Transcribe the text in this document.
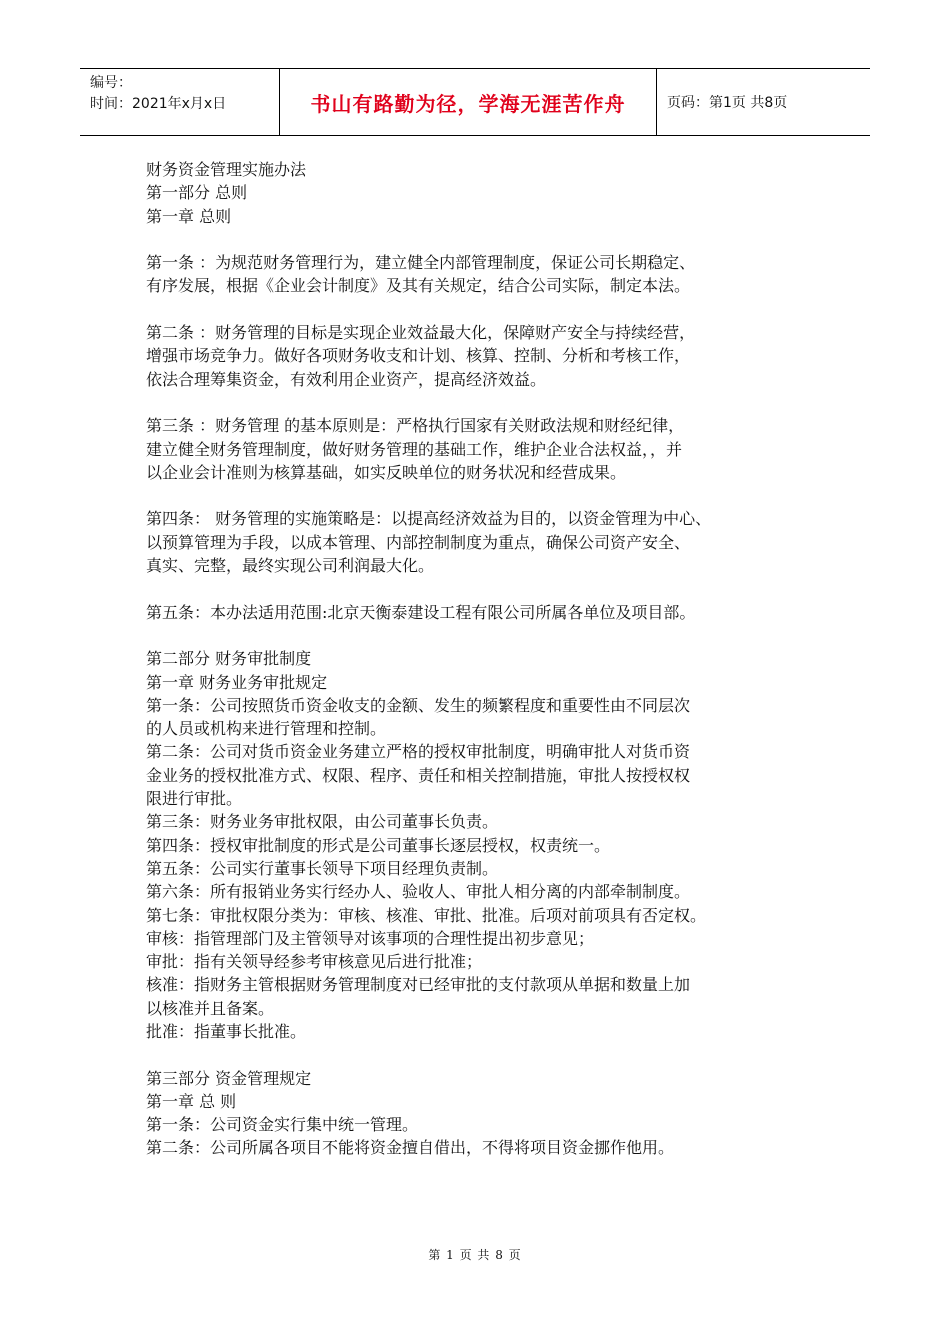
编号：
时间：2021年x月x日	书山有路勤为径，学海无涯苦作舟	页码：第1页 共8页
财务资金管理实施办法
第一部分 总则
第一章 总则
第一条 ：为规范财务管理行为，建立健全内部管理制度，保证公司长期稳定、
有序发展，根据《企业会计制度》及其有关规定，结合公司实际，制定本法。
第二条 ：财务管理的目标是实现企业效益最大化，保障财产安全与持续经营，
增强市场竞争力。做好各项财务收支和计划、核算、控制、分析和考核工作，
依法合理筹集资金，有效利用企业资产，提高经济效益。
第三条 ：财务管理 的基本原则是：严格执行国家有关财政法规和财经纪律，
建立健全财务管理制度，做好财务管理的基础工作，维护企业合法权益，，并
以企业会计准则为核算基础，如实反映单位的财务状况和经营成果。
第四条： 财务管理的实施策略是：以提高经济效益为目的，以资金管理为中心、
以预算管理为手段，以成本管理、内部控制制度为重点，确保公司资产安全、
真实、完整，最终实现公司利润最大化。
第五条：本办法适用范围:北京天衡泰建设工程有限公司所属各单位及项目部。
第二部分 财务审批制度
第一章 财务业务审批规定
第一条：公司按照货币资金收支的金额、发生的频繁程度和重要性由不同层次
的人员或机构来进行管理和控制。
第二条：公司对货币资金业务建立严格的授权审批制度，明确审批人对货币资
金业务的授权批准方式、权限、程序、责任和相关控制措施，审批人按授权权
限进行审批。
第三条：财务业务审批权限，由公司董事长负责。
第四条：授权审批制度的形式是公司董事长逐层授权，权责统一。
第五条：公司实行董事长领导下项目经理负责制。
第六条：所有报销业务实行经办人、验收人、审批人相分离的内部牵制制度。
第七条：审批权限分类为：审核、核准、审批、批准。后项对前项具有否定权。
审核：指管理部门及主管领导对该事项的合理性提出初步意见；
审批：指有关领导经参考审核意见后进行批准；
核准：指财务主管根据财务管理制度对已经审批的支付款项从单据和数量上加
以核准并且备案。
批准：指董事长批准。
第三部分 资金管理规定
第一章 总 则
第一条：公司资金实行集中统一管理。
第二条：公司所属各项目不能将资金擅自借出，不得将项目资金挪作他用。
第 1 页 共 8 页
